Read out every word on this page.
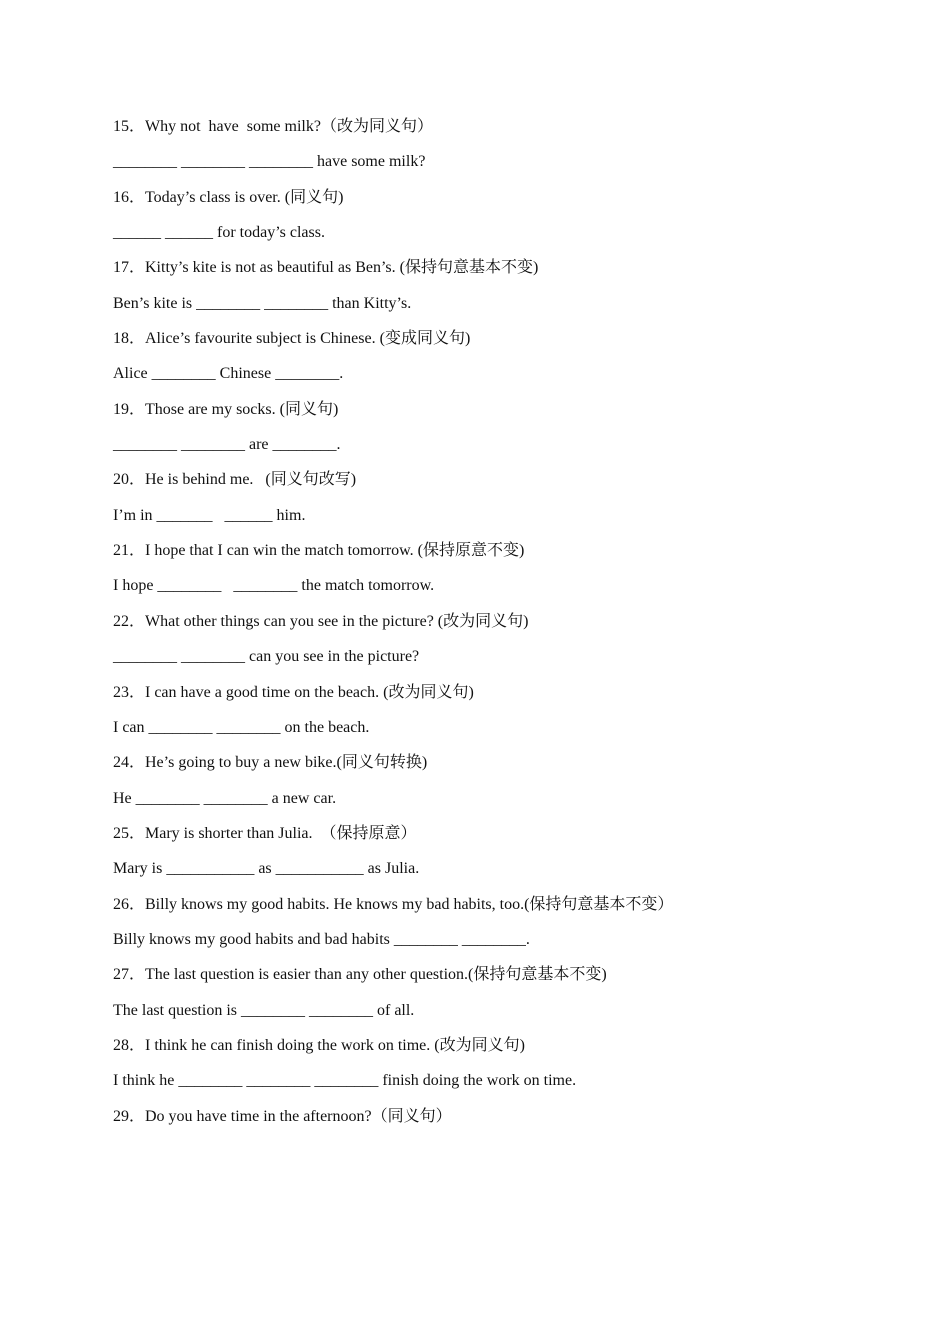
15．Why not  have  some milk?（改为同义句）
________ ________ ________ have some milk?
16．Today’s class is over. (同义句)
______ ______ for today’s class.
17．Kitty’s kite is not as beautiful as Ben’s. (保持句意基本不变)
Ben’s kite is ________ ________ than Kitty’s.
18．Alice’s favourite subject is Chinese. (变成同义句)
Alice ________ Chinese ________.
19．Those are my socks. (同义句)
________ ________ are ________.
20．He is behind me.   (同义句改写)
I’m in _______   ______ him.
21．I hope that I can win the match tomorrow. (保持原意不变)
I hope ________   ________ the match tomorrow.
22．What other things can you see in the picture? (改为同义句)
________ ________ can you see in the picture?
23．I can have a good time on the beach. (改为同义句)
I can ________ ________ on the beach.
24．He’s going to buy a new bike.(同义句转换)
He ________ ________ a new car.
25．Mary is shorter than Julia.  （保持原意）
Mary is ___________ as ___________ as Julia.
26．Billy knows my good habits. He knows my bad habits, too.(保持句意基本不变）
Billy knows my good habits and bad habits ________ ________.
27．The last question is easier than any other question.(保持句意基本不变)
The last question is ________ ________ of all.
28．I think he can finish doing the work on time. (改为同义句)
I think he ________ ________ ________ finish doing the work on time.
29．Do you have time in the afternoon?（同义句）
